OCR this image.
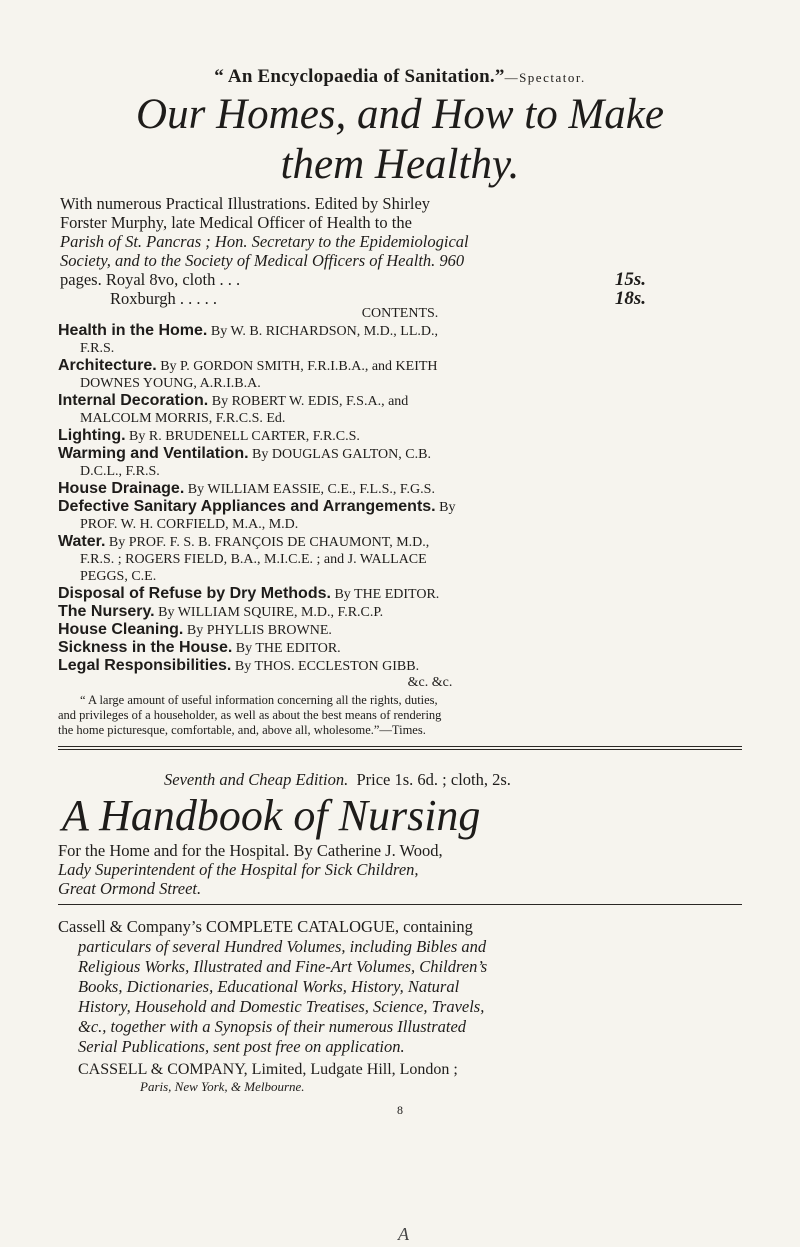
“ An Encyclopaedia of Sanitation.”—Spectator.
Our Homes, and How to Make
them Healthy.
With numerous Practical Illustrations. Edited by Shirley
Forster Murphy, late Medical Officer of Health to the
Parish of St. Pancras ; Hon. Secretary to the Epidemiological
Society, and to the Society of Medical Officers of Health. 960
pages. Royal 8vo, cloth . . .	15s.
Roxburgh . . . . .	18s.
CONTENTS.
Health in the Home. By W. B. RICHARDSON, M.D., LL.D.,
F.R.S.
Architecture. By P. GORDON SMITH, F.R.I.B.A., and KEITH
DOWNES YOUNG, A.R.I.B.A.
Internal Decoration. By ROBERT W. EDIS, F.S.A., and
MALCOLM MORRIS, F.R.C.S. Ed.
Lighting. By R. BRUDENELL CARTER, F.R.C.S.
Warming and Ventilation. By DOUGLAS GALTON, C.B.
D.C.L., F.R.S.
House Drainage. By WILLIAM EASSIE, C.E., F.L.S., F.G.S.
Defective Sanitary Appliances and Arrangements. By
PROF. W. H. CORFIELD, M.A., M.D.
Water. By PROF. F. S. B. FRANÇOIS DE CHAUMONT, M.D.,
F.R.S. ; ROGERS FIELD, B.A., M.I.C.E. ; and J. WALLACE
PEGGS, C.E.
Disposal of Refuse by Dry Methods. By THE EDITOR.
The Nursery. By WILLIAM SQUIRE, M.D., F.R.C.P.
House Cleaning. By PHYLLIS BROWNE.
Sickness in the House. By THE EDITOR.
Legal Responsibilities. By THOS. ECCLESTON GIBB.
&c. &c.
“ A large amount of useful information concerning all the rights, duties,
and privileges of a householder, as well as about the best means of rendering
the home picturesque, comfortable, and, above all, wholesome.”—Times.
Seventh and Cheap Edition. Price 1s. 6d. ; cloth, 2s.
A Handbook of Nursing
For the Home and for the Hospital. By Catherine J. Wood,
Lady Superintendent of the Hospital for Sick Children,
Great Ormond Street.
Cassell & Company’s COMPLETE CATALOGUE, containing
particulars of several Hundred Volumes, including Bibles and
Religious Works, Illustrated and Fine-Art Volumes, Children’s
Books, Dictionaries, Educational Works, History, Natural
History, Household and Domestic Treatises, Science, Travels,
&c., together with a Synopsis of their numerous Illustrated
Serial Publications, sent post free on application.
CASSELL & COMPANY, Limited, Ludgate Hill, London ;
Paris, New York, & Melbourne.
8
A
